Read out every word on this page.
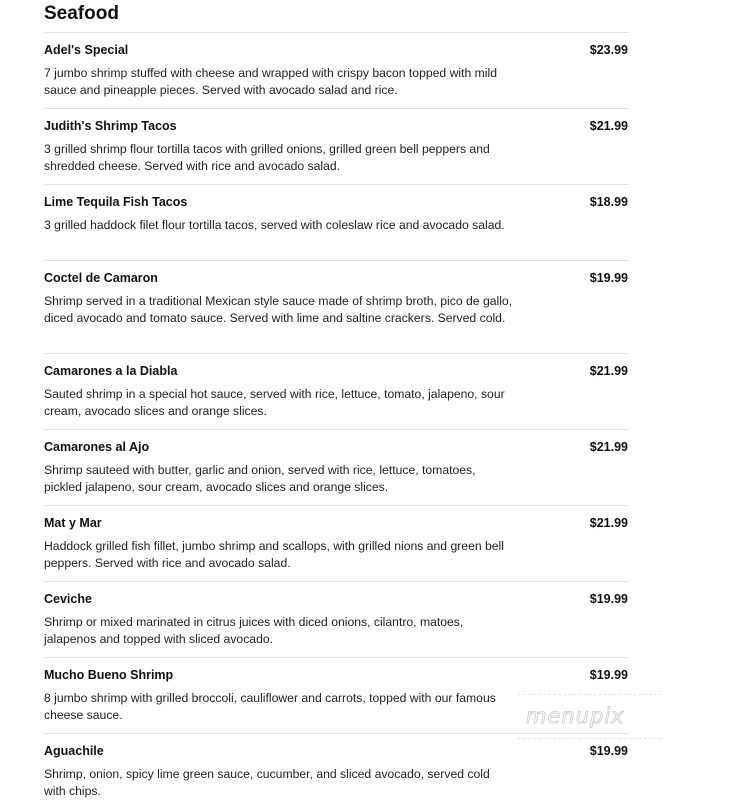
Seafood
Adel's Special	$23.99

7 jumbo shrimp stuffed with cheese and wrapped with crispy bacon topped with mild sauce and pineapple pieces. Served with avocado salad and rice.

Judith's Shrimp Tacos	$21.99

3 grilled shrimp flour tortilla tacos with grilled onions, grilled green bell peppers and shredded cheese. Served with rice and avocado salad.

Lime Tequila Fish Tacos	$18.99

3 grilled haddock filet flour tortilla tacos, served with coleslaw rice and avocado salad.

Coctel de Camaron	$19.99

Shrimp served in a traditional Mexican style sauce made of shrimp broth, pico de gallo, diced avocado and tomato sauce. Served with lime and saltine crackers. Served cold.

Camarones a la Diabla	$21.99

Sauted shrimp in a special hot sauce, served with rice, lettuce, tomato, jalapeno, sour cream, avocado slices and orange slices.

Camarones al Ajo	$21.99

Shrimp sauteed with butter, garlic and onion, served with rice, lettuce, tomatoes, pickled jalapeno, sour cream, avocado slices and orange slices.

Mat y Mar	$21.99

Haddock grilled fish fillet, jumbo shrimp and scallops, with grilled nions and green bell peppers. Served with rice and avocado salad.

Ceviche	$19.99

Shrimp or mixed marinated in citrus juices with diced onions, cilantro, matoes, jalapenos and topped with sliced avocado.

Mucho Bueno Shrimp	$19.99

8 jumbo shrimp with grilled broccoli, cauliflower and carrots, topped with our famous cheese sauce.

Aguachile	$19.99

Shrimp, onion, spicy lime green sauce, cucumber, and sliced avocado, served cold with chips.

menupix
